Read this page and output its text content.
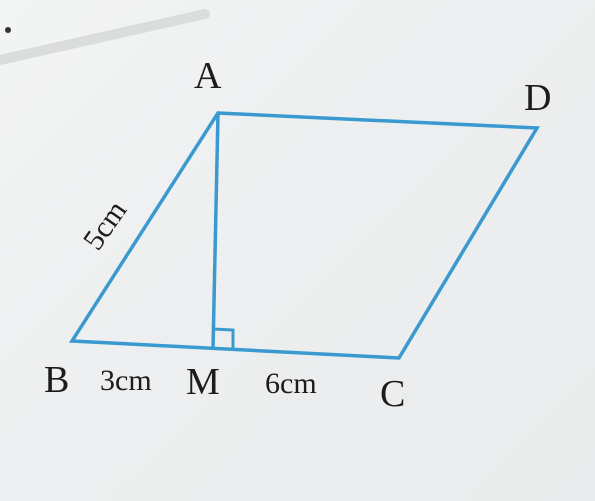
A
D
B	M	C
5cm
3cm	6cm
